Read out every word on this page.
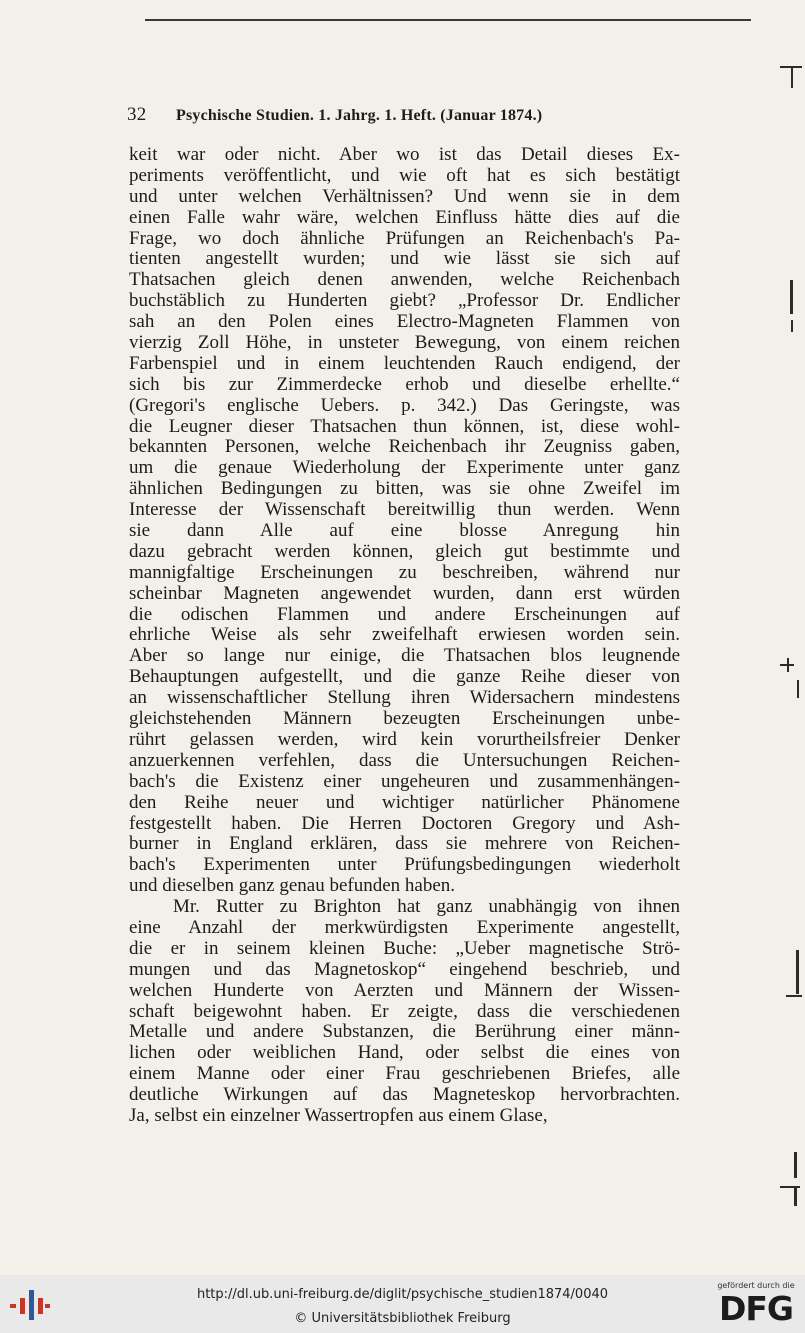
32 Psychische Studien. 1. Jahrg. 1. Heft. (Januar 1874.)
keit war oder nicht. Aber wo ist das Detail dieses Ex-
periments veröffentlicht, und wie oft hat es sich bestätigt
und unter welchen Verhältnissen? Und wenn sie in dem
einen Falle wahr wäre, welchen Einfluss hätte dies auf die
Frage, wo doch ähnliche Prüfungen an Reichenbach's Pa-
tienten angestellt wurden; und wie lässt sie sich auf
Thatsachen gleich denen anwenden, welche Reichenbach
buchstäblich zu Hunderten giebt? „Professor Dr. Endlicher
sah an den Polen eines Electro-Magneten Flammen von
vierzig Zoll Höhe, in unsteter Bewegung, von einem reichen
Farbenspiel und in einem leuchtenden Rauch endigend, der
sich bis zur Zimmerdecke erhob und dieselbe erhellte.“
(Gregori's englische Uebers. p. 342.) Das Geringste, was
die Leugner dieser Thatsachen thun können, ist, diese wohl-
bekannten Personen, welche Reichenbach ihr Zeugniss gaben,
um die genaue Wiederholung der Experimente unter ganz
ähnlichen Bedingungen zu bitten, was sie ohne Zweifel im
Interesse der Wissenschaft bereitwillig thun werden. Wenn
sie dann Alle auf eine blosse Anregung hin
dazu gebracht werden können, gleich gut bestimmte und
mannigfaltige Erscheinungen zu beschreiben, während nur
scheinbar Magneten angewendet wurden, dann erst würden
die odischen Flammen und andere Erscheinungen auf
ehrliche Weise als sehr zweifelhaft erwiesen worden sein.
Aber so lange nur einige, die Thatsachen blos leugnende
Behauptungen aufgestellt, und die ganze Reihe dieser von
an wissenschaftlicher Stellung ihren Widersachern mindestens
gleichstehenden Männern bezeugten Erscheinungen unbe-
rührt gelassen werden, wird kein vorurtheilsfreier Denker
anzuerkennen verfehlen, dass die Untersuchungen Reichen-
bach's die Existenz einer ungeheuren und zusammenhängen-
den Reihe neuer und wichtiger natürlicher Phänomene
festgestellt haben. Die Herren Doctoren Gregory und Ash-
burner in England erklären, dass sie mehrere von Reichen-
bach's Experimenten unter Prüfungsbedingungen wiederholt
und dieselben ganz genau befunden haben.
Mr. Rutter zu Brighton hat ganz unabhängig von ihnen
eine Anzahl der merkwürdigsten Experimente angestellt,
die er in seinem kleinen Buche: „Ueber magnetische Strö-
mungen und das Magnetoskop“ eingehend beschrieb, und
welchen Hunderte von Aerzten und Männern der Wissen-
schaft beigewohnt haben. Er zeigte, dass die verschiedenen
Metalle und andere Substanzen, die Berührung einer männ-
lichen oder weiblichen Hand, oder selbst die eines von
einem Manne oder einer Frau geschriebenen Briefes, alle
deutliche Wirkungen auf das Magneteskop hervorbrachten.
Ja, selbst ein einzelner Wassertropfen aus einem Glase,
http://dl.ub.uni-freiburg.de/diglit/psychische_studien1874/0040
© Universitätsbibliothek Freiburg
gefördert durch die
DFG
